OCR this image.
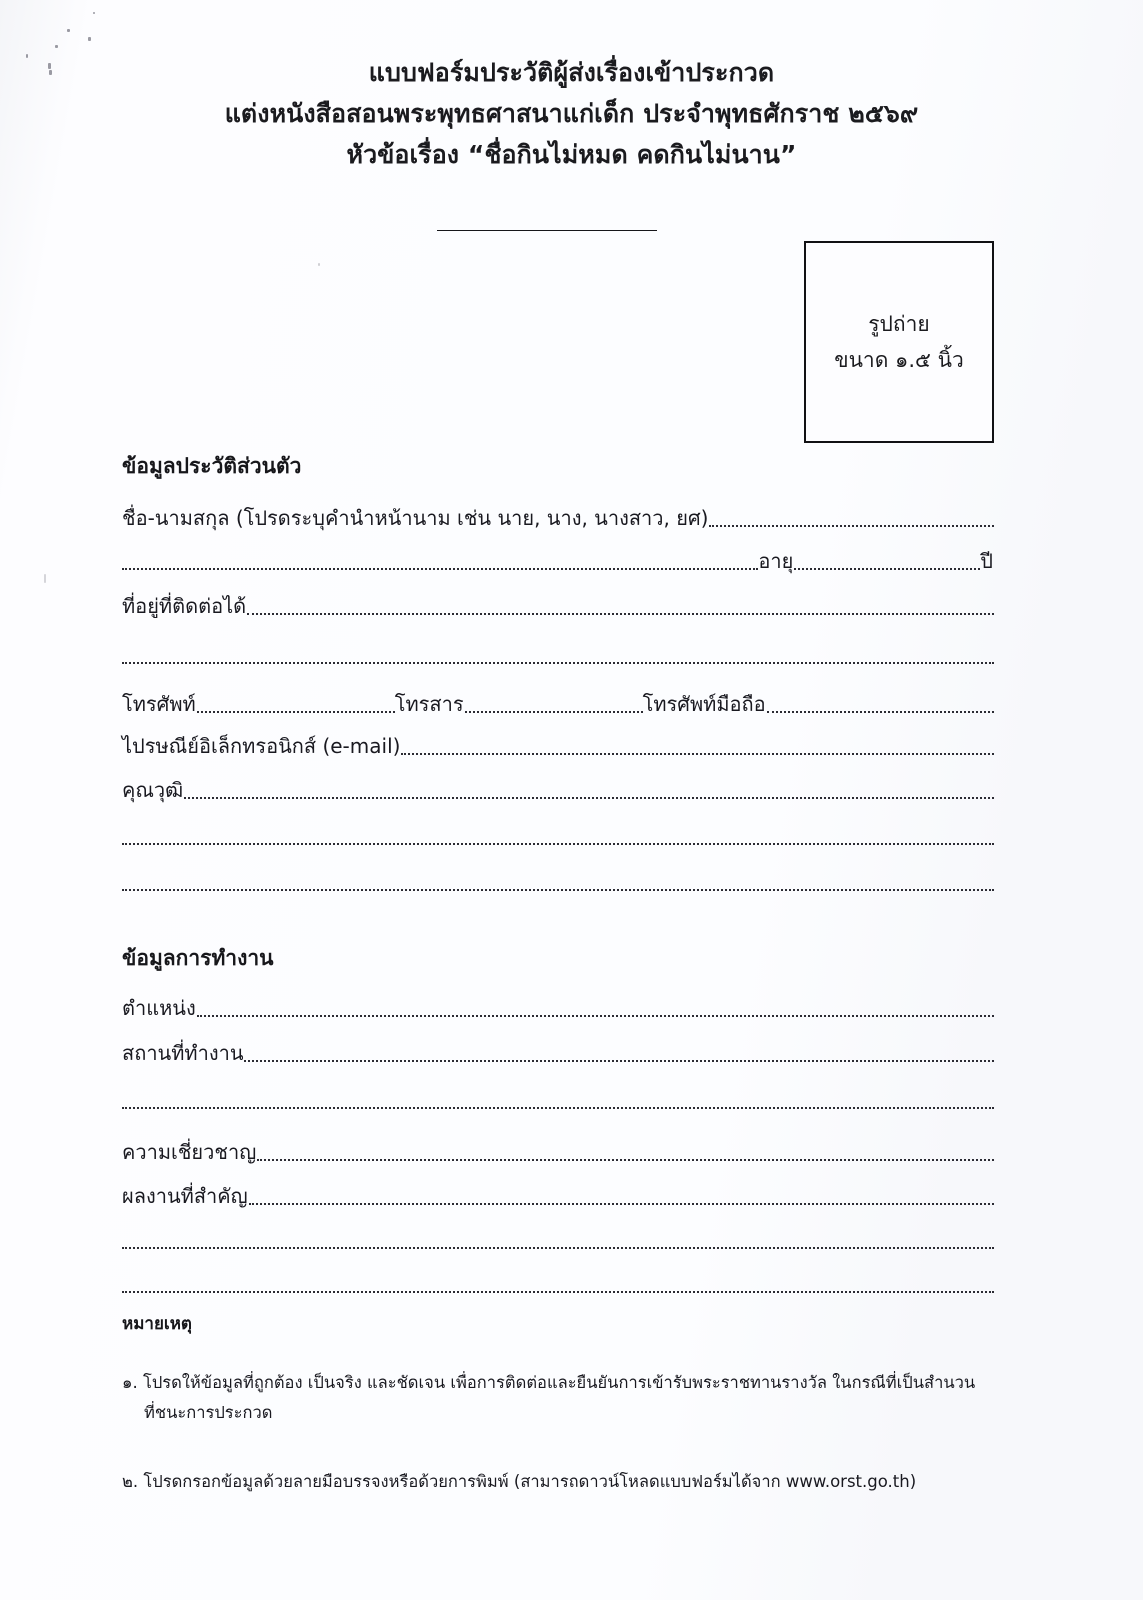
แบบฟอร์มประวัติผู้ส่งเรื่องเข้าประกวด
แต่งหนังสือสอนพระพุทธศาสนาแก่เด็ก ประจำพุทธศักราช ๒๕๖๙
หัวข้อเรื่อง “ชื่อกินไม่หมด คดกินไม่นาน”
รูปถ่าย
ขนาด ๑.๕ นิ้ว
ข้อมูลประวัติส่วนตัว
ชื่อ-นามสกุล (โปรดระบุคำนำหน้านาม เช่น นาย, นาง, นางสาว, ยศ)
อายุ	ปี
ที่อยู่ที่ติดต่อได้
โทรศัพท์	โทรสาร	โทรศัพท์มือถือ
ไปรษณีย์อิเล็กทรอนิกส์ (e-mail)
คุณวุฒิ
ข้อมูลการทำงาน
ตำแหน่ง
สถานที่ทำงาน
ความเชี่ยวชาญ
ผลงานที่สำคัญ
หมายเหตุ
๑. โปรดให้ข้อมูลที่ถูกต้อง เป็นจริง และชัดเจน เพื่อการติดต่อและยืนยันการเข้ารับพระราชทานรางวัล ในกรณีที่เป็นสำนวน
ที่ชนะการประกวด
๒. โปรดกรอกข้อมูลด้วยลายมือบรรจงหรือด้วยการพิมพ์ (สามารถดาวน์โหลดแบบฟอร์มได้จาก www.orst.go.th)
